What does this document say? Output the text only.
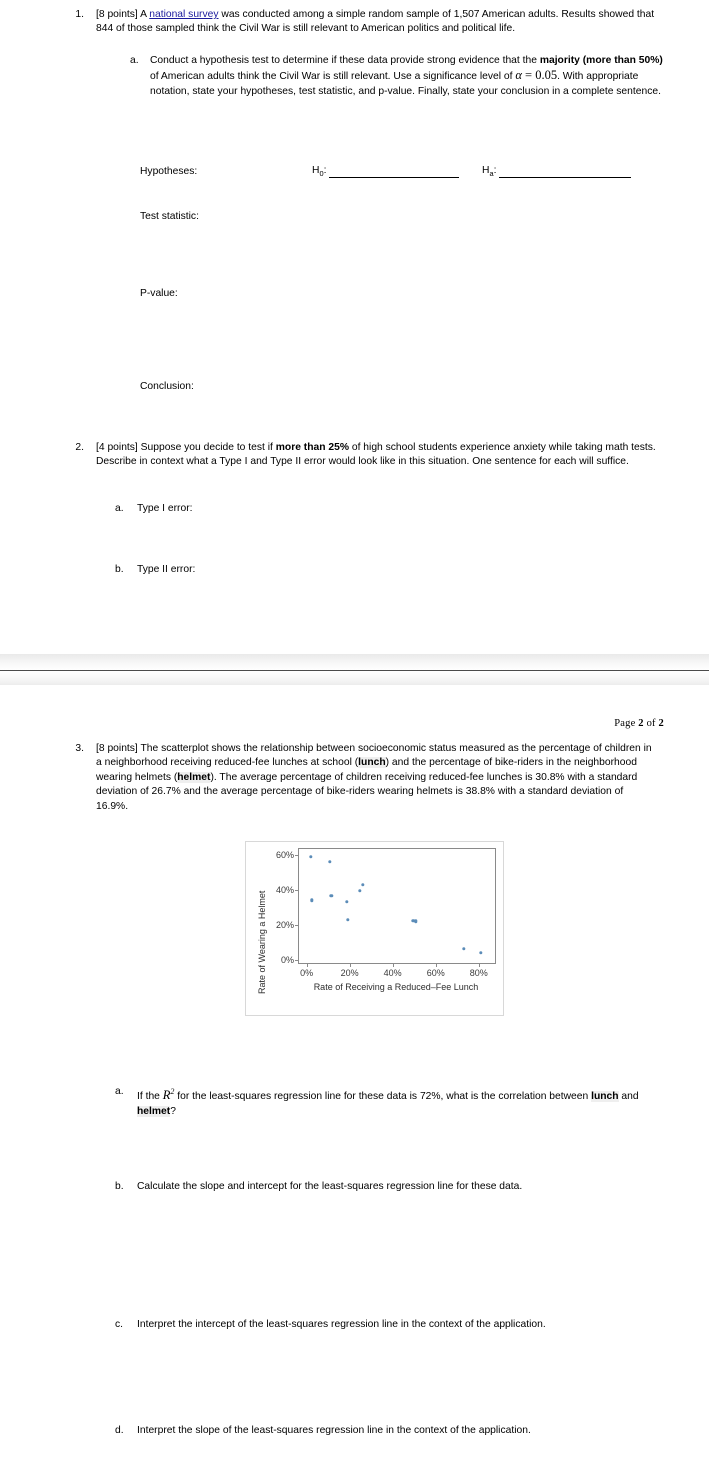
1. [8 points] A national survey was conducted among a simple random sample of 1,507 American adults. Results showed that 844 of those sampled think the Civil War is still relevant to American politics and political life.
a.	Conduct a hypothesis test to determine if these data provide strong evidence that the majority (more than 50%) of American adults think the Civil War is still relevant. Use a significance level of α = 0.05. With appropriate notation, state your hypotheses, test statistic, and p-value. Finally, state your conclusion in a complete sentence.
Hypotheses:	$H_0$:	$H_a$:
Test statistic:
P-value:
Conclusion:
2. [4 points] Suppose you decide to test if more than 25% of high school students experience anxiety while taking math tests. Describe in context what a Type I and Type II error would look like in this situation. One sentence for each will suffice.
a.	Type I error:
b.	Type II error:
Page 2 of 2
3. [8 points] The scatterplot shows the relationship between socioeconomic status measured as the percentage of children in a neighborhood receiving reduced-fee lunches at school (lunch) and the percentage of bike-riders in the neighborhood wearing helmets (helmet). The average percentage of children receiving reduced-fee lunches is 30.8% with a standard deviation of 26.7% and the average percentage of bike-riders wearing helmets is 38.8% with a standard deviation of 16.9%.
Rate of Wearing a Helmet
60%
40%
20%
0%
0%	20%	40%	60%	80%
Rate of Receiving a Reduced–Fee Lunch
a.	If the $R^2$ for the least-squares regression line for these data is 72%, what is the correlation between lunch and helmet?
b.	Calculate the slope and intercept for the least-squares regression line for these data.
c.	Interpret the intercept of the least-squares regression line in the context of the application.
d.	Interpret the slope of the least-squares regression line in the context of the application.
